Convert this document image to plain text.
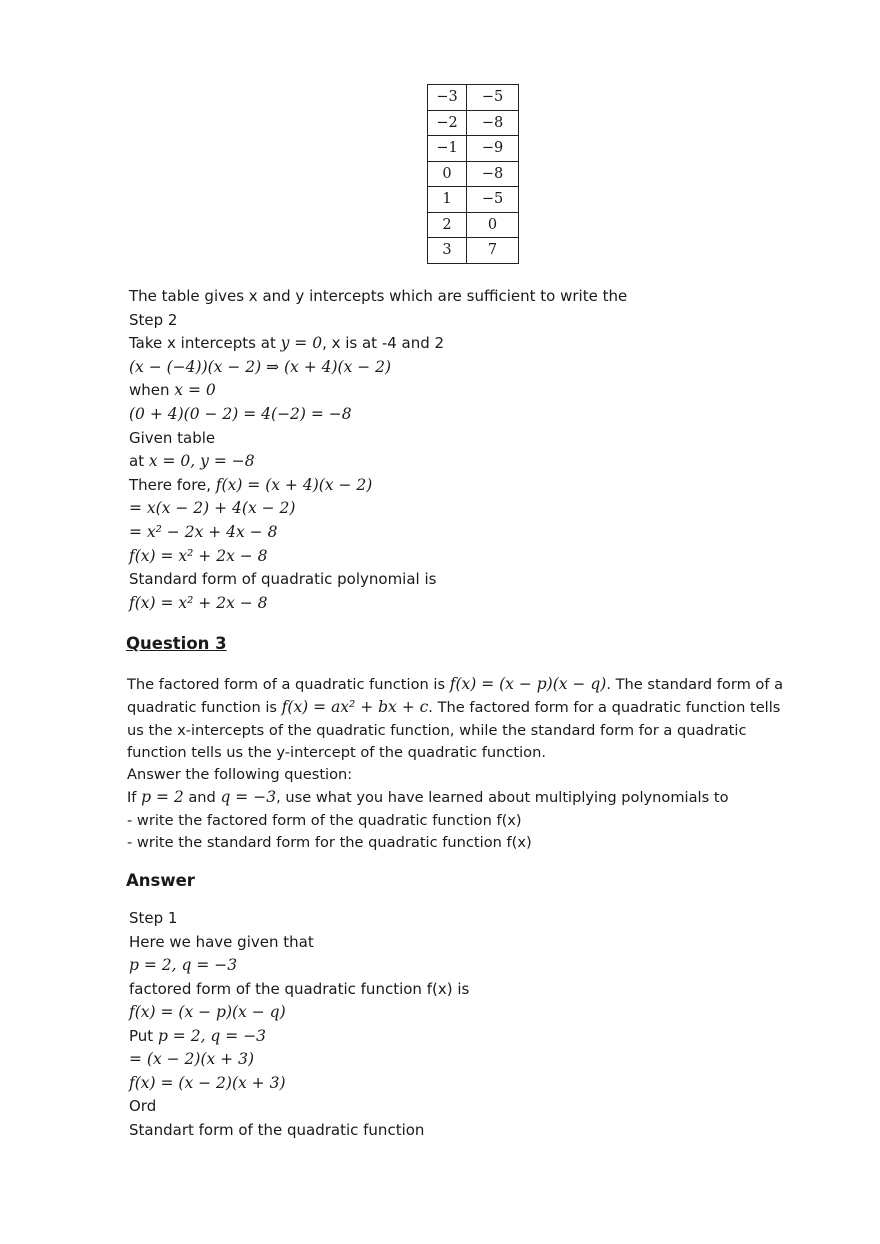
−3	−5
−2	−8
−1	−9
0	−8
1	−5
2	0
3	7
The table gives x and y intercepts which are sufficient to write the
Step 2
Take x intercepts at y = 0, x is at -4 and 2
(x − (−4))(x − 2) ⇒ (x + 4)(x − 2)
when x = 0
(0 + 4)(0 − 2) = 4(−2) = −8
Given table
at x = 0, y = −8
There fore, f(x) = (x + 4)(x − 2)
= x(x − 2) + 4(x − 2)
= x² − 2x + 4x − 8
f(x) = x² + 2x − 8
Standard form of quadratic polynomial is
f(x) = x² + 2x − 8
Question 3
The factored form of a quadratic function is f(x) = (x − p)(x − q). The standard form of a
quadratic function is f(x) = ax² + bx + c. The factored form for a quadratic function tells
us the x-intercepts of the quadratic function, while the standard form for a quadratic
function tells us the y-intercept of the quadratic function.
Answer the following question:
If p = 2 and q = −3, use what you have learned about multiplying polynomials to
- write the factored form of the quadratic function f(x)
- write the standard form for the quadratic function f(x)
Answer
Step 1
Here we have given that
p = 2, q = −3
factored form of the quadratic function f(x) is
f(x) = (x − p)(x − q)
Put p = 2, q = −3
= (x − 2)(x + 3)
f(x) = (x − 2)(x + 3)
Ord
Standart form of the quadratic function
